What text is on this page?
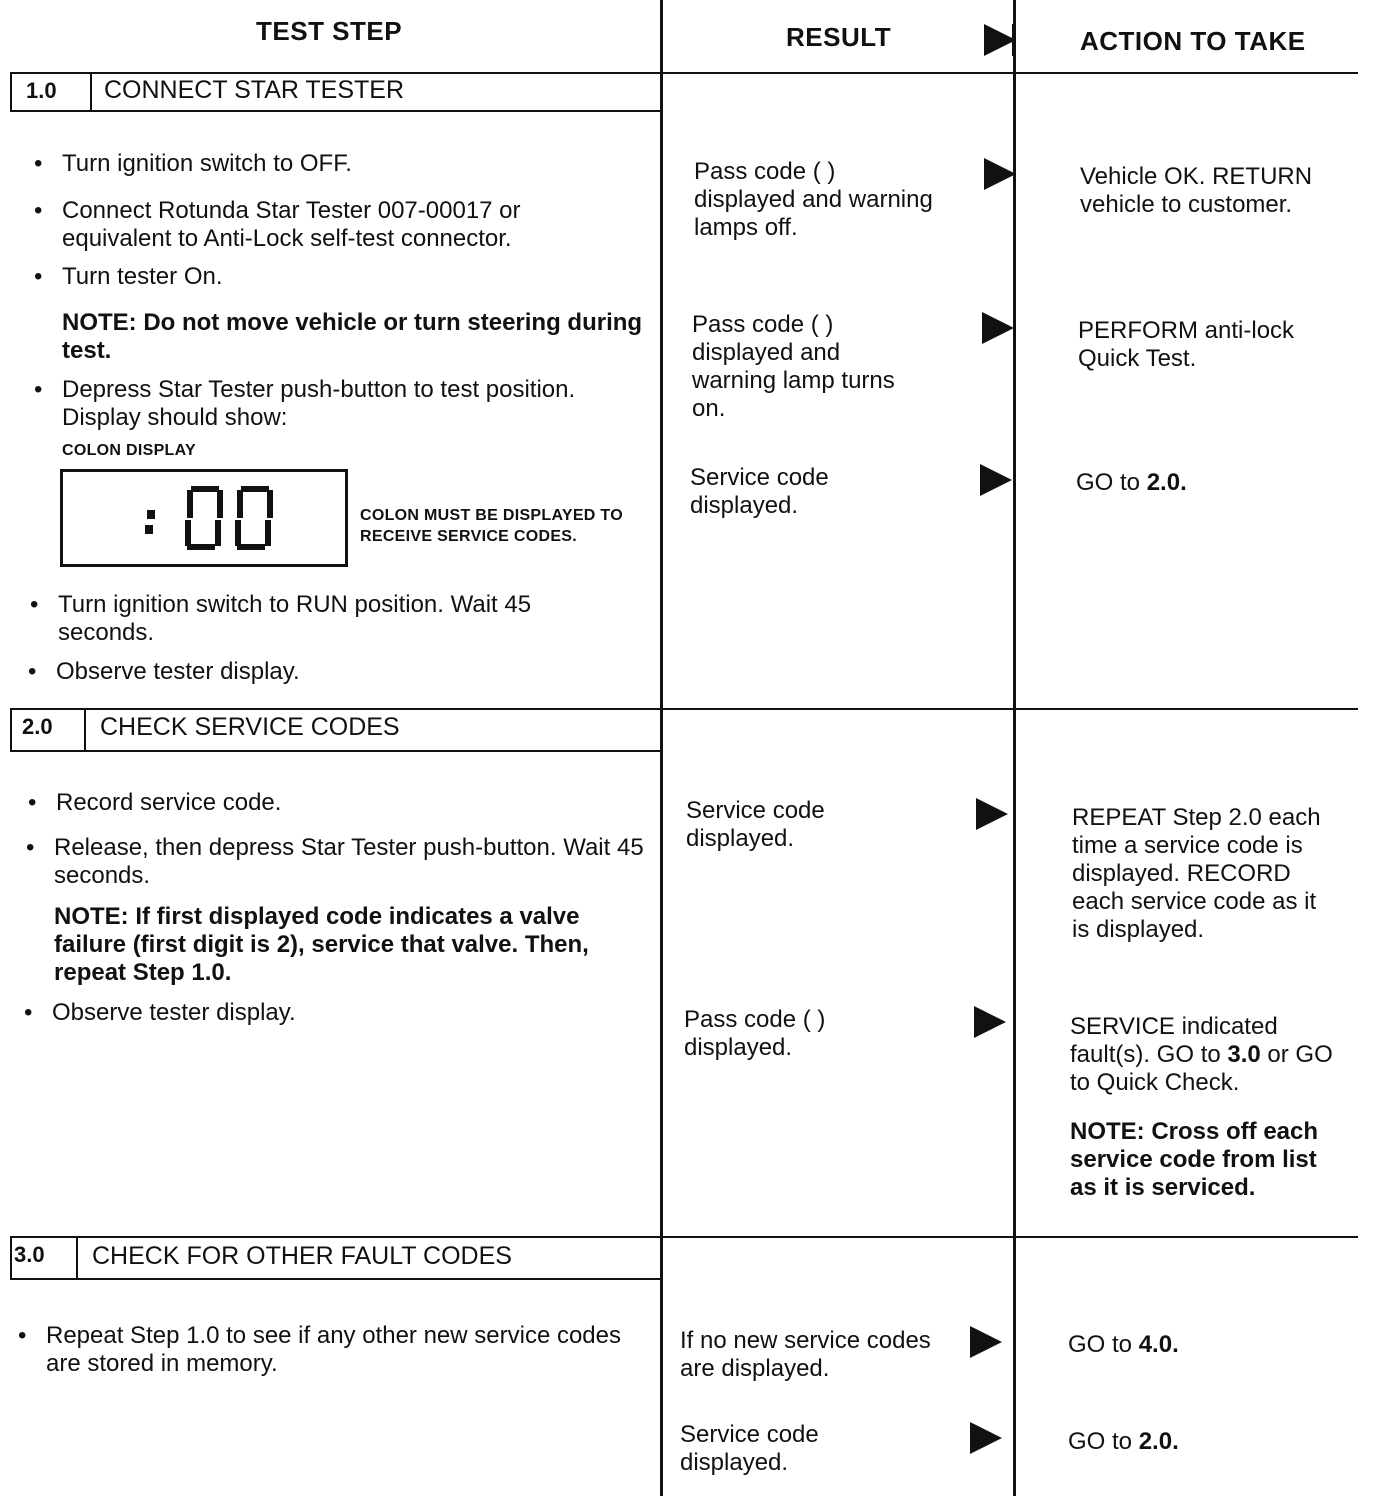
TEST STEP	RESULT	ACTION TO TAKE
1.0 CONNECT STAR TESTER
• Turn ignition switch to OFF.
• Connect Rotunda Star Tester 007-00017 or equivalent to Anti-Lock self-test connector.
• Turn tester On.
NOTE: Do not move vehicle or turn steering during test.
• Depress Star Tester push-button to test position. Display should show:
COLON DISPLAY
COLON MUST BE DISPLAYED TO RECEIVE SERVICE CODES.
• Turn ignition switch to RUN position. Wait 45 seconds.
• Observe tester display.
Pass code ( ) displayed and warning lamps off.
Vehicle OK. RETURN vehicle to customer.
Pass code ( ) displayed and warning lamp turns on.
PERFORM anti-lock Quick Test.
Service code displayed.
GO to 2.0.
2.0 CHECK SERVICE CODES
• Record service code.
• Release, then depress Star Tester push-button. Wait 45 seconds.
NOTE: If first displayed code indicates a valve failure (first digit is 2), service that valve. Then, repeat Step 1.0.
• Observe tester display.
Service code displayed.
REPEAT Step 2.0 each time a service code is displayed. RECORD each service code as it is displayed.
Pass code ( ) displayed.
SERVICE indicated fault(s). GO to 3.0 or GO to Quick Check.
NOTE: Cross off each service code from list as it is serviced.
3.0 CHECK FOR OTHER FAULT CODES
• Repeat Step 1.0 to see if any other new service codes are stored in memory.
If no new service codes are displayed.
GO to 4.0.
Service code displayed.
GO to 2.0.
